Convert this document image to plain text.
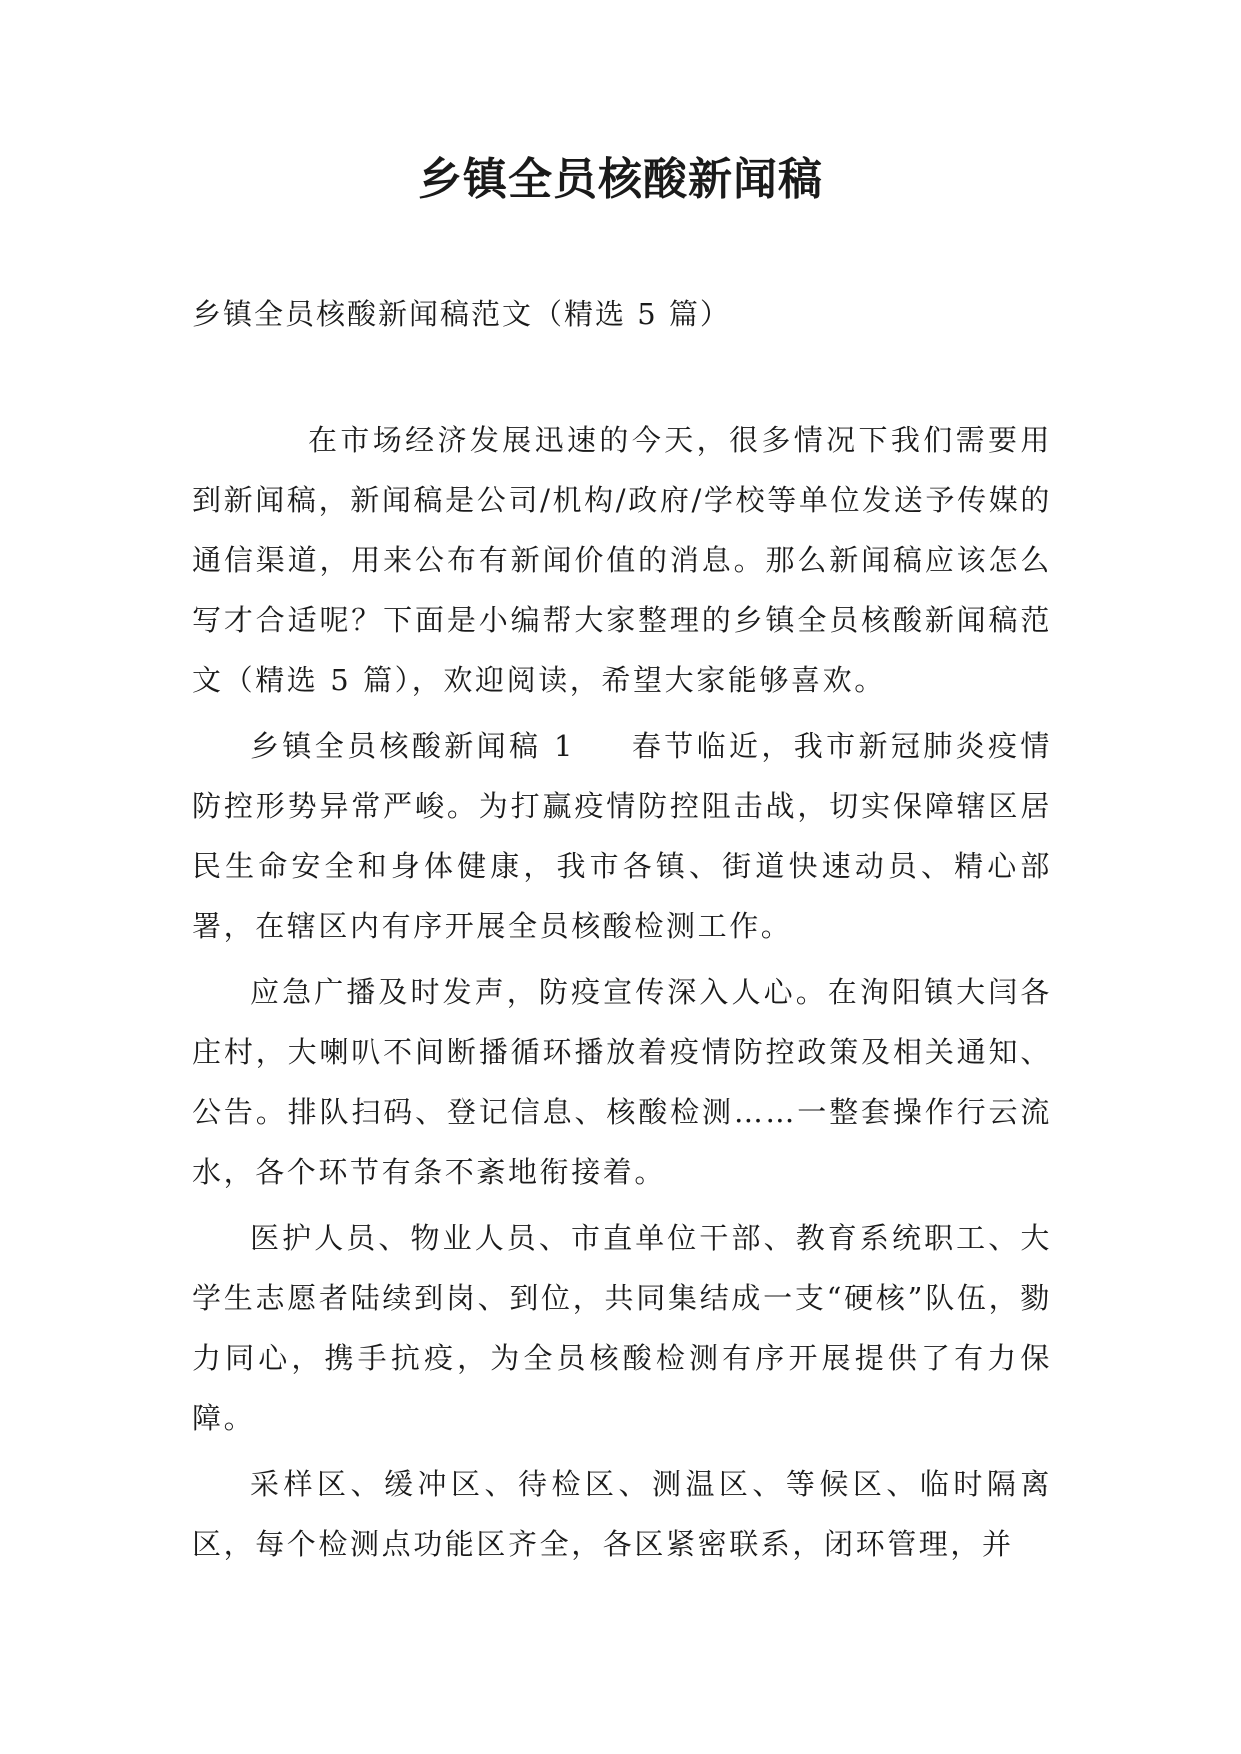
乡镇全员核酸新闻稿

乡镇全员核酸新闻稿范文（精选 5 篇）

在市场经济发展迅速的今天，很多情况下我们需要用到新闻稿，新闻稿是公司/机构/政府/学校等单位发送予传媒的通信渠道，用来公布有新闻价值的消息。那么新闻稿应该怎么写才合适呢？下面是小编帮大家整理的乡镇全员核酸新闻稿范文（精选 5 篇），欢迎阅读，希望大家能够喜欢。

乡镇全员核酸新闻稿 1 春节临近，我市新冠肺炎疫情防控形势异常严峻。为打赢疫情防控阻击战，切实保障辖区居民生命安全和身体健康，我市各镇、街道快速动员、精心部署，在辖区内有序开展全员核酸检测工作。

应急广播及时发声，防疫宣传深入人心。在洵阳镇大闫各庄村，大喇叭不间断播循环播放着疫情防控政策及相关通知、公告。排队扫码、登记信息、核酸检测……一整套操作行云流水，各个环节有条不紊地衔接着。

医护人员、物业人员、市直单位干部、教育系统职工、大学生志愿者陆续到岗、到位，共同集结成一支“硬核”队伍，勠力同心，携手抗疫，为全员核酸检测有序开展提供了有力保障。

采样区、缓冲区、待检区、测温区、等候区、临时隔离区，每个检测点功能区齐全，各区紧密联系，闭环管理，并
